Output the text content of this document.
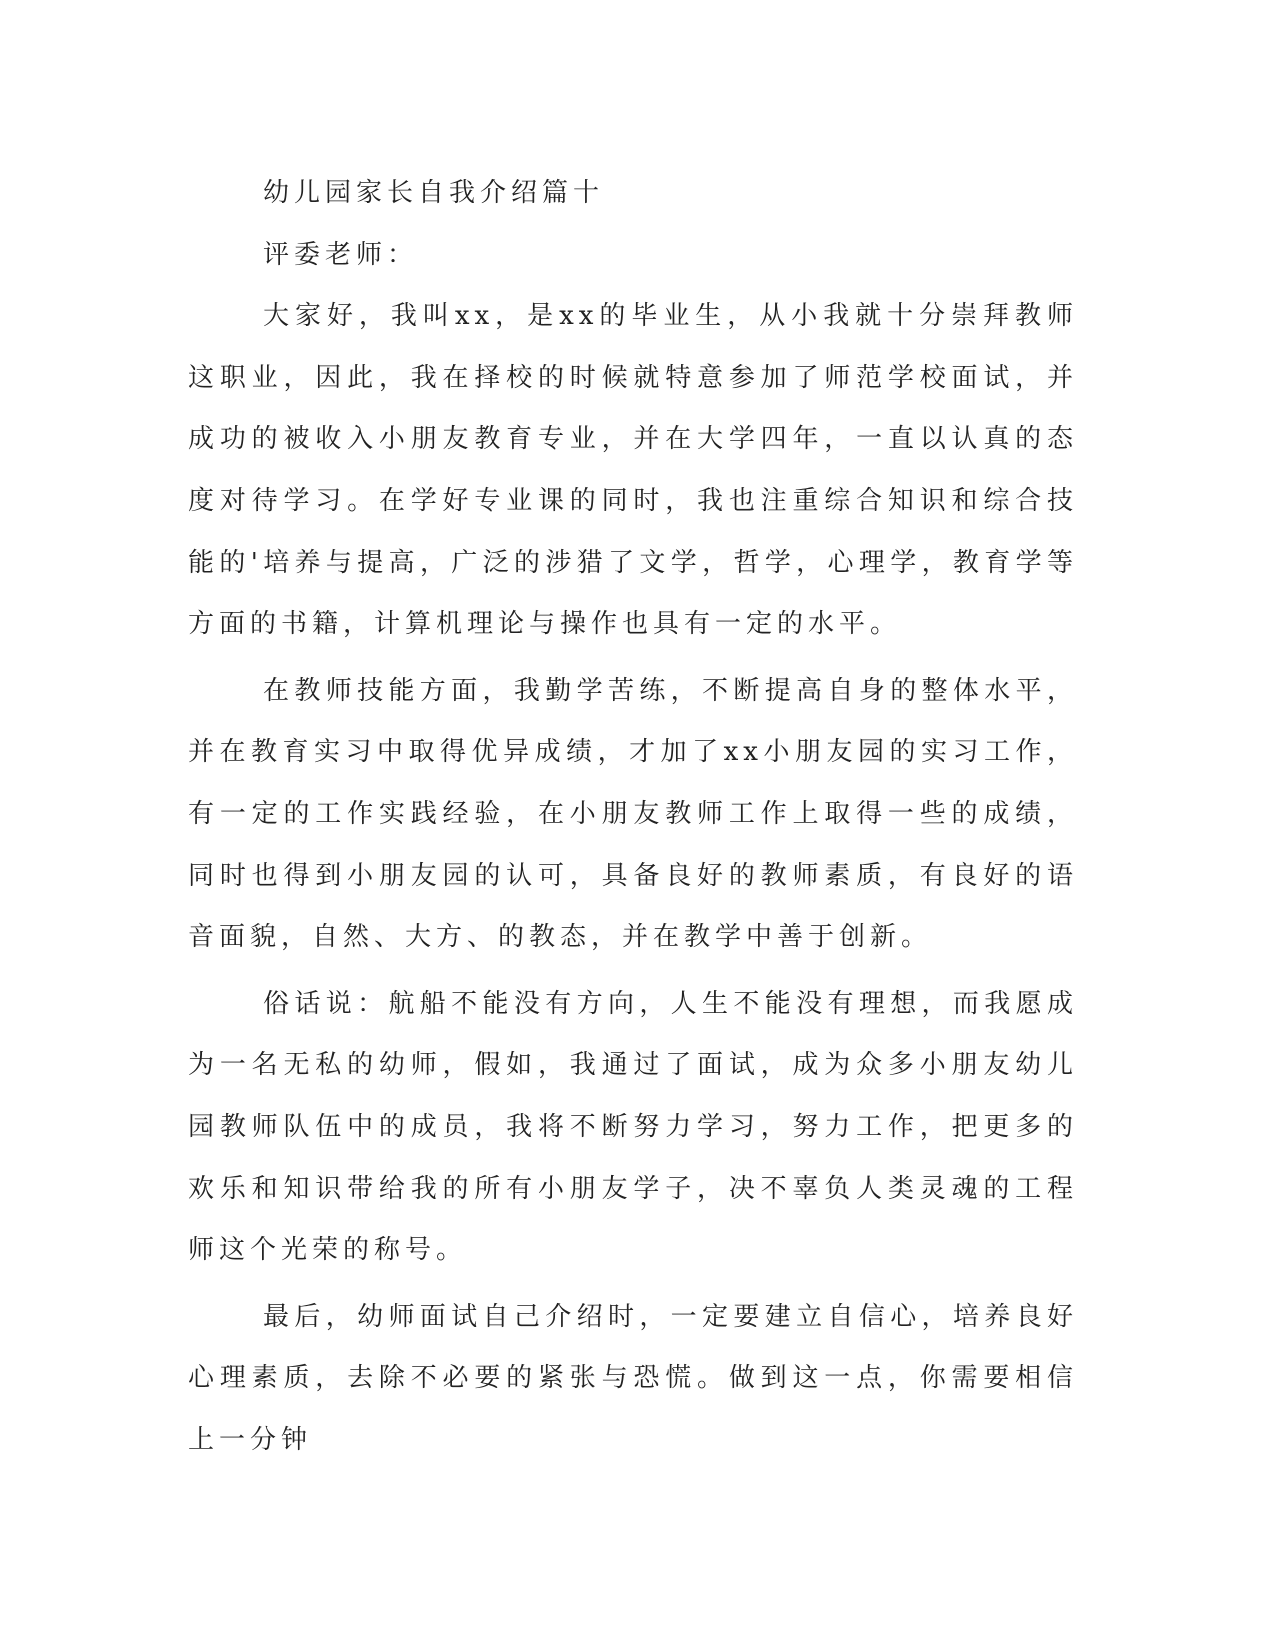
幼儿园家长自我介绍篇十

评委老师：

大家好，我叫xx，是xx的毕业生，从小我就十分崇拜教师这职业，因此，我在择校的时候就特意参加了师范学校面试，并成功的被收入小朋友教育专业，并在大学四年，一直以认真的态度对待学习。在学好专业课的同时，我也注重综合知识和综合技能的'培养与提高，广泛的涉猎了文学，哲学，心理学，教育学等方面的书籍，计算机理论与操作也具有一定的水平。

在教师技能方面，我勤学苦练，不断提高自身的整体水平，并在教育实习中取得优异成绩，才加了xx小朋友园的实习工作，有一定的工作实践经验，在小朋友教师工作上取得一些的成绩，同时也得到小朋友园的认可，具备良好的教师素质，有良好的语音面貌，自然、大方、的教态，并在教学中善于创新。

俗话说：航船不能没有方向，人生不能没有理想，而我愿成为一名无私的幼师，假如，我通过了面试，成为众多小朋友幼儿园教师队伍中的成员，我将不断努力学习，努力工作，把更多的欢乐和知识带给我的所有小朋友学子，决不辜负人类灵魂的工程师这个光荣的称号。

最后，幼师面试自己介绍时，一定要建立自信心，培养良好心理素质，去除不必要的紧张与恐慌。做到这一点，你需要相信上一分钟
